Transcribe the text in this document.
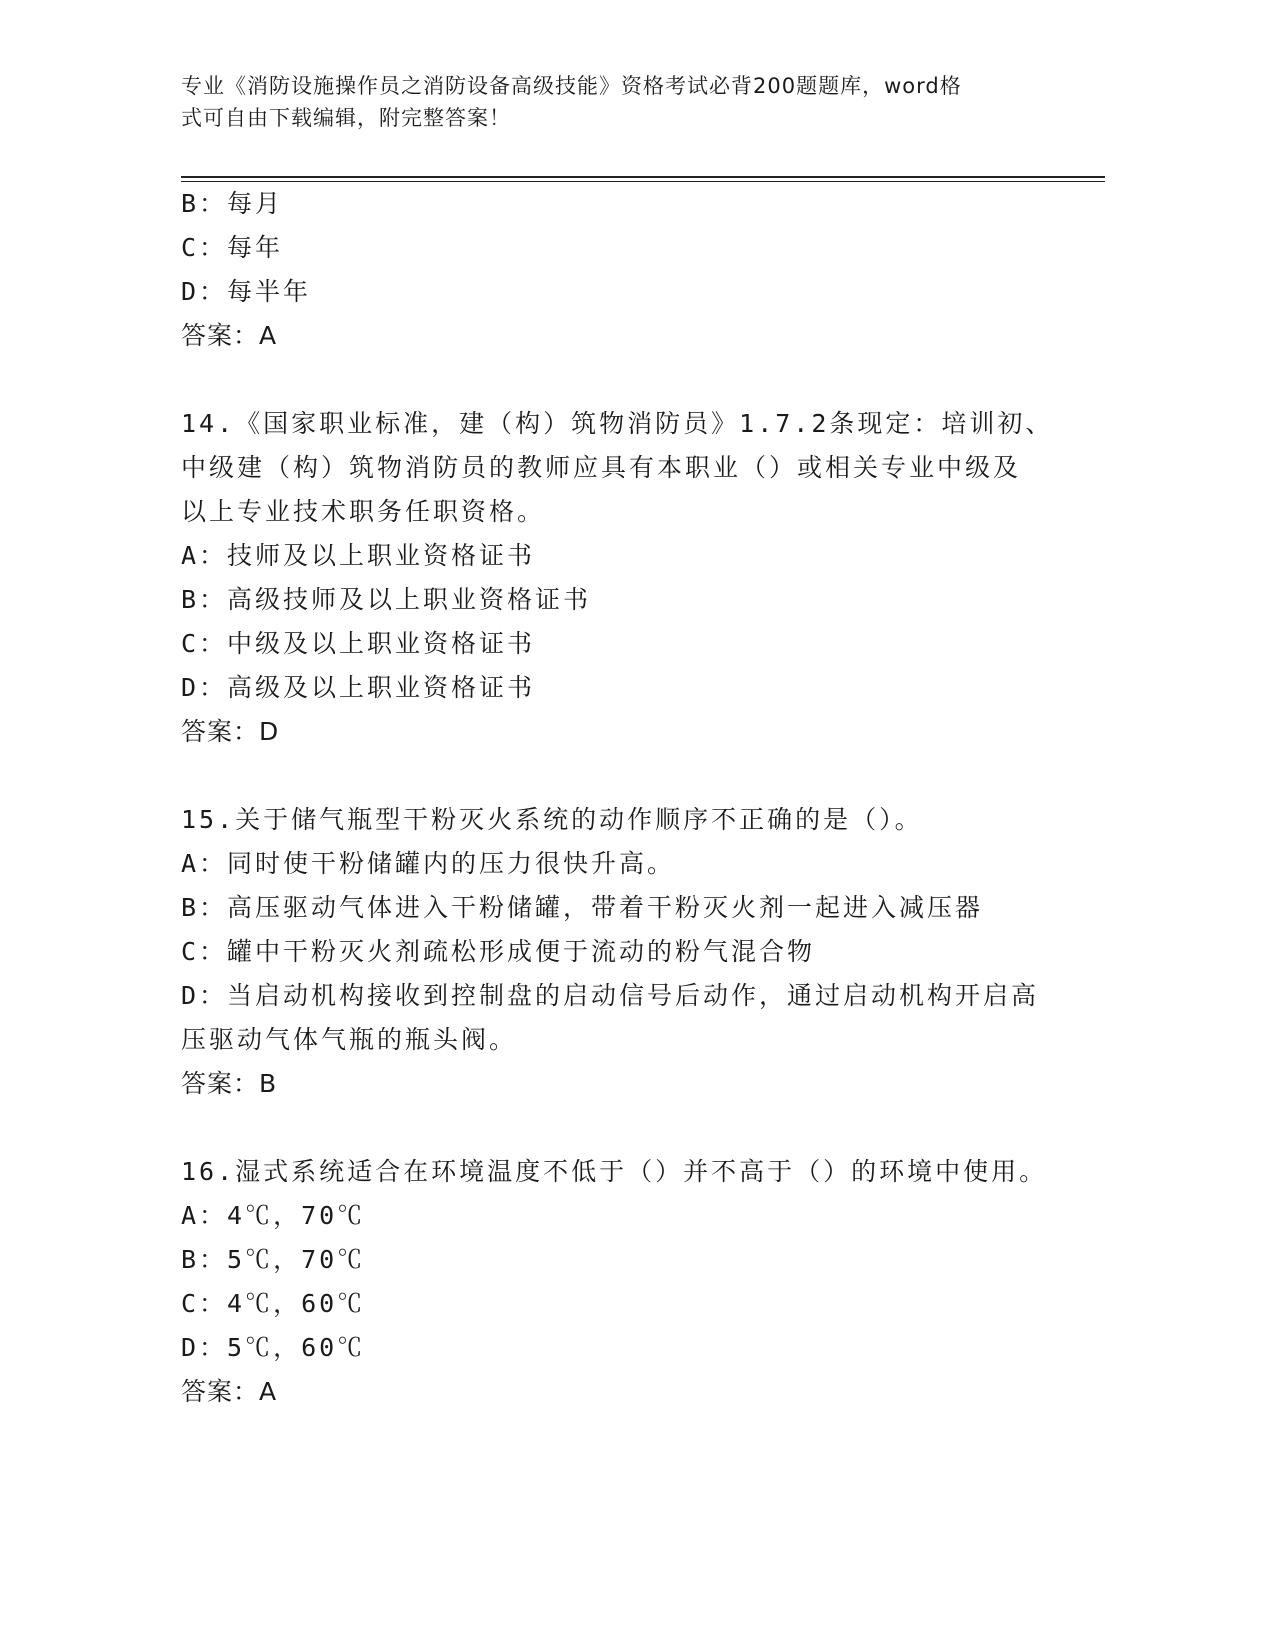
专业《消防设施操作员之消防设备高级技能》资格考试必背200题题库，word格
式可自由下载编辑，附完整答案！
B：每月
C：每年
D：每半年
答案：A
14.《国家职业标准，建（构）筑物消防员》1.7.2条现定：培训初、
中级建（构）筑物消防员的教师应具有本职业（）或相关专业中级及
以上专业技术职务任职资格。
A：技师及以上职业资格证书
B：高级技师及以上职业资格证书
C：中级及以上职业资格证书
D：高级及以上职业资格证书
答案：D
15.关于储气瓶型干粉灭火系统的动作顺序不正确的是（）。
A：同时使干粉储罐内的压力很快升高。
B：高压驱动气体进入干粉储罐，带着干粉灭火剂一起进入减压器
C：罐中干粉灭火剂疏松形成便于流动的粉气混合物
D：当启动机构接收到控制盘的启动信号后动作，通过启动机构开启高
压驱动气体气瓶的瓶头阀。
答案：B
16.湿式系统适合在环境温度不低于（）并不高于（）的环境中使用。
A：4℃，70℃
B：5℃，70℃
C：4℃，60℃
D：5℃，60℃
答案：A
